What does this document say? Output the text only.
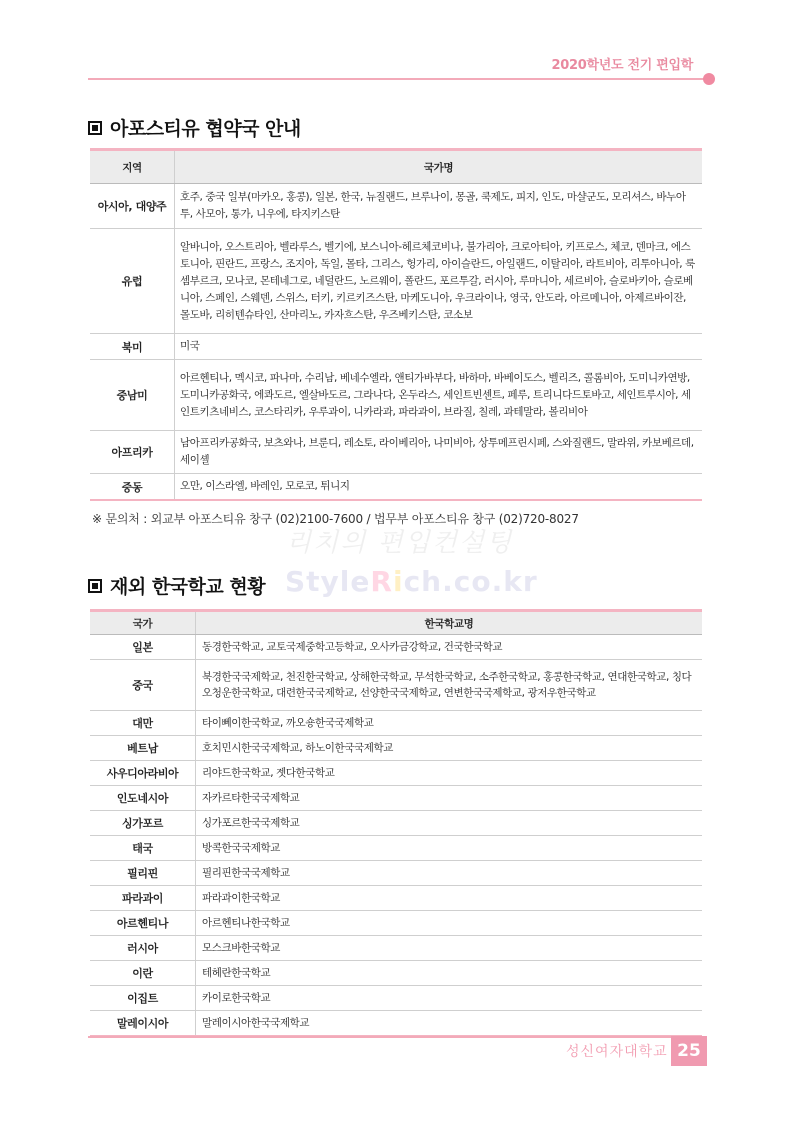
2020학년도 전기 편입학
아포스티유 협약국 안내
지역	국가명
아시아, 대양주	호주, 중국 일부(마카오, 홍콩), 일본, 한국, 뉴질랜드, 브루나이, 몽골, 쿡제도, 피지, 인도, 마샬군도, 모리셔스, 바누아투, 사모아, 통가, 니우에, 타지키스탄
유럽	알바니아, 오스트리아, 벨라루스, 벨기에, 보스니아-헤르체코비나, 불가리아, 크로아티아, 키프로스, 체코, 덴마크, 에스토니아, 핀란드, 프랑스, 조지아, 독일, 몰타, 그리스, 헝가리, 아이슬란드, 아일랜드, 이탈리아, 라트비아, 리투아니아, 룩셈부르크, 모나코, 몬테네그로, 네덜란드, 노르웨이, 폴란드, 포르투갈, 러시아, 루마니아, 세르비아, 슬로바키아, 슬로베니아, 스페인, 스웨덴, 스위스, 터키, 키르키즈스탄, 마케도니아, 우크라이나, 영국, 안도라, 아르메니아, 아제르바이잔, 몰도바, 리히텐슈타인, 산마리노, 카자흐스탄, 우즈베키스탄, 코소보
북미	미국
중남미	아르헨티나, 멕시코, 파나마, 수리남, 베네수엘라, 앤티가바부다, 바하마, 바베이도스, 벨리즈, 콜롬비아, 도미니카연방, 도미니카공화국, 에콰도르, 엘살바도르, 그라나다, 온두라스, 세인트빈센트, 페루, 트리니다드토바고, 세인트루시아, 세인트키츠네비스, 코스타리카, 우루과이, 니카라과, 파라과이, 브라질, 칠레, 과테말라, 볼리비아
아프리카	남아프리카공화국, 보츠와나, 브룬디, 레소토, 라이베리아, 나미비아, 상투메프린시페, 스와질랜드, 말라위, 카보베르데, 세이셸
중동	오만, 이스라엘, 바레인, 모로코, 튀니지
※ 문의처 : 외교부 아포스티유 창구 (02)2100-7600 / 법무부 아포스티유 창구 (02)720-8027
리치의 편입컨설팅
StyleRich.co.kr
재외 한국학교 현황
국가	한국학교명
일본	동경한국학교, 교토국제중학고등학교, 오사카금강학교, 건국한국학교
중국	북경한국국제학교, 천진한국학교, 상해한국학교, 무석한국학교, 소주한국학교, 홍콩한국학교, 연대한국학교, 칭다오청운한국학교, 대련한국국제학교, 선양한국국제학교, 연변한국국제학교, 광저우한국학교
대만	타이뻬이한국학교, 까오숑한국국제학교
베트남	호치민시한국국제학교, 하노이한국국제학교
사우디아라비아	리야드한국학교, 젯다한국학교
인도네시아	자카르타한국국제학교
싱가포르	싱가포르한국국제학교
태국	방콕한국국제학교
필리핀	필리핀한국국제학교
파라과이	파라과이한국학교
아르헨티나	아르헨티나한국학교
러시아	모스크바한국학교
이란	테헤란한국학교
이집트	카이로한국학교
말레이시아	말레이시아한국국제학교
성신여자대학교 25
